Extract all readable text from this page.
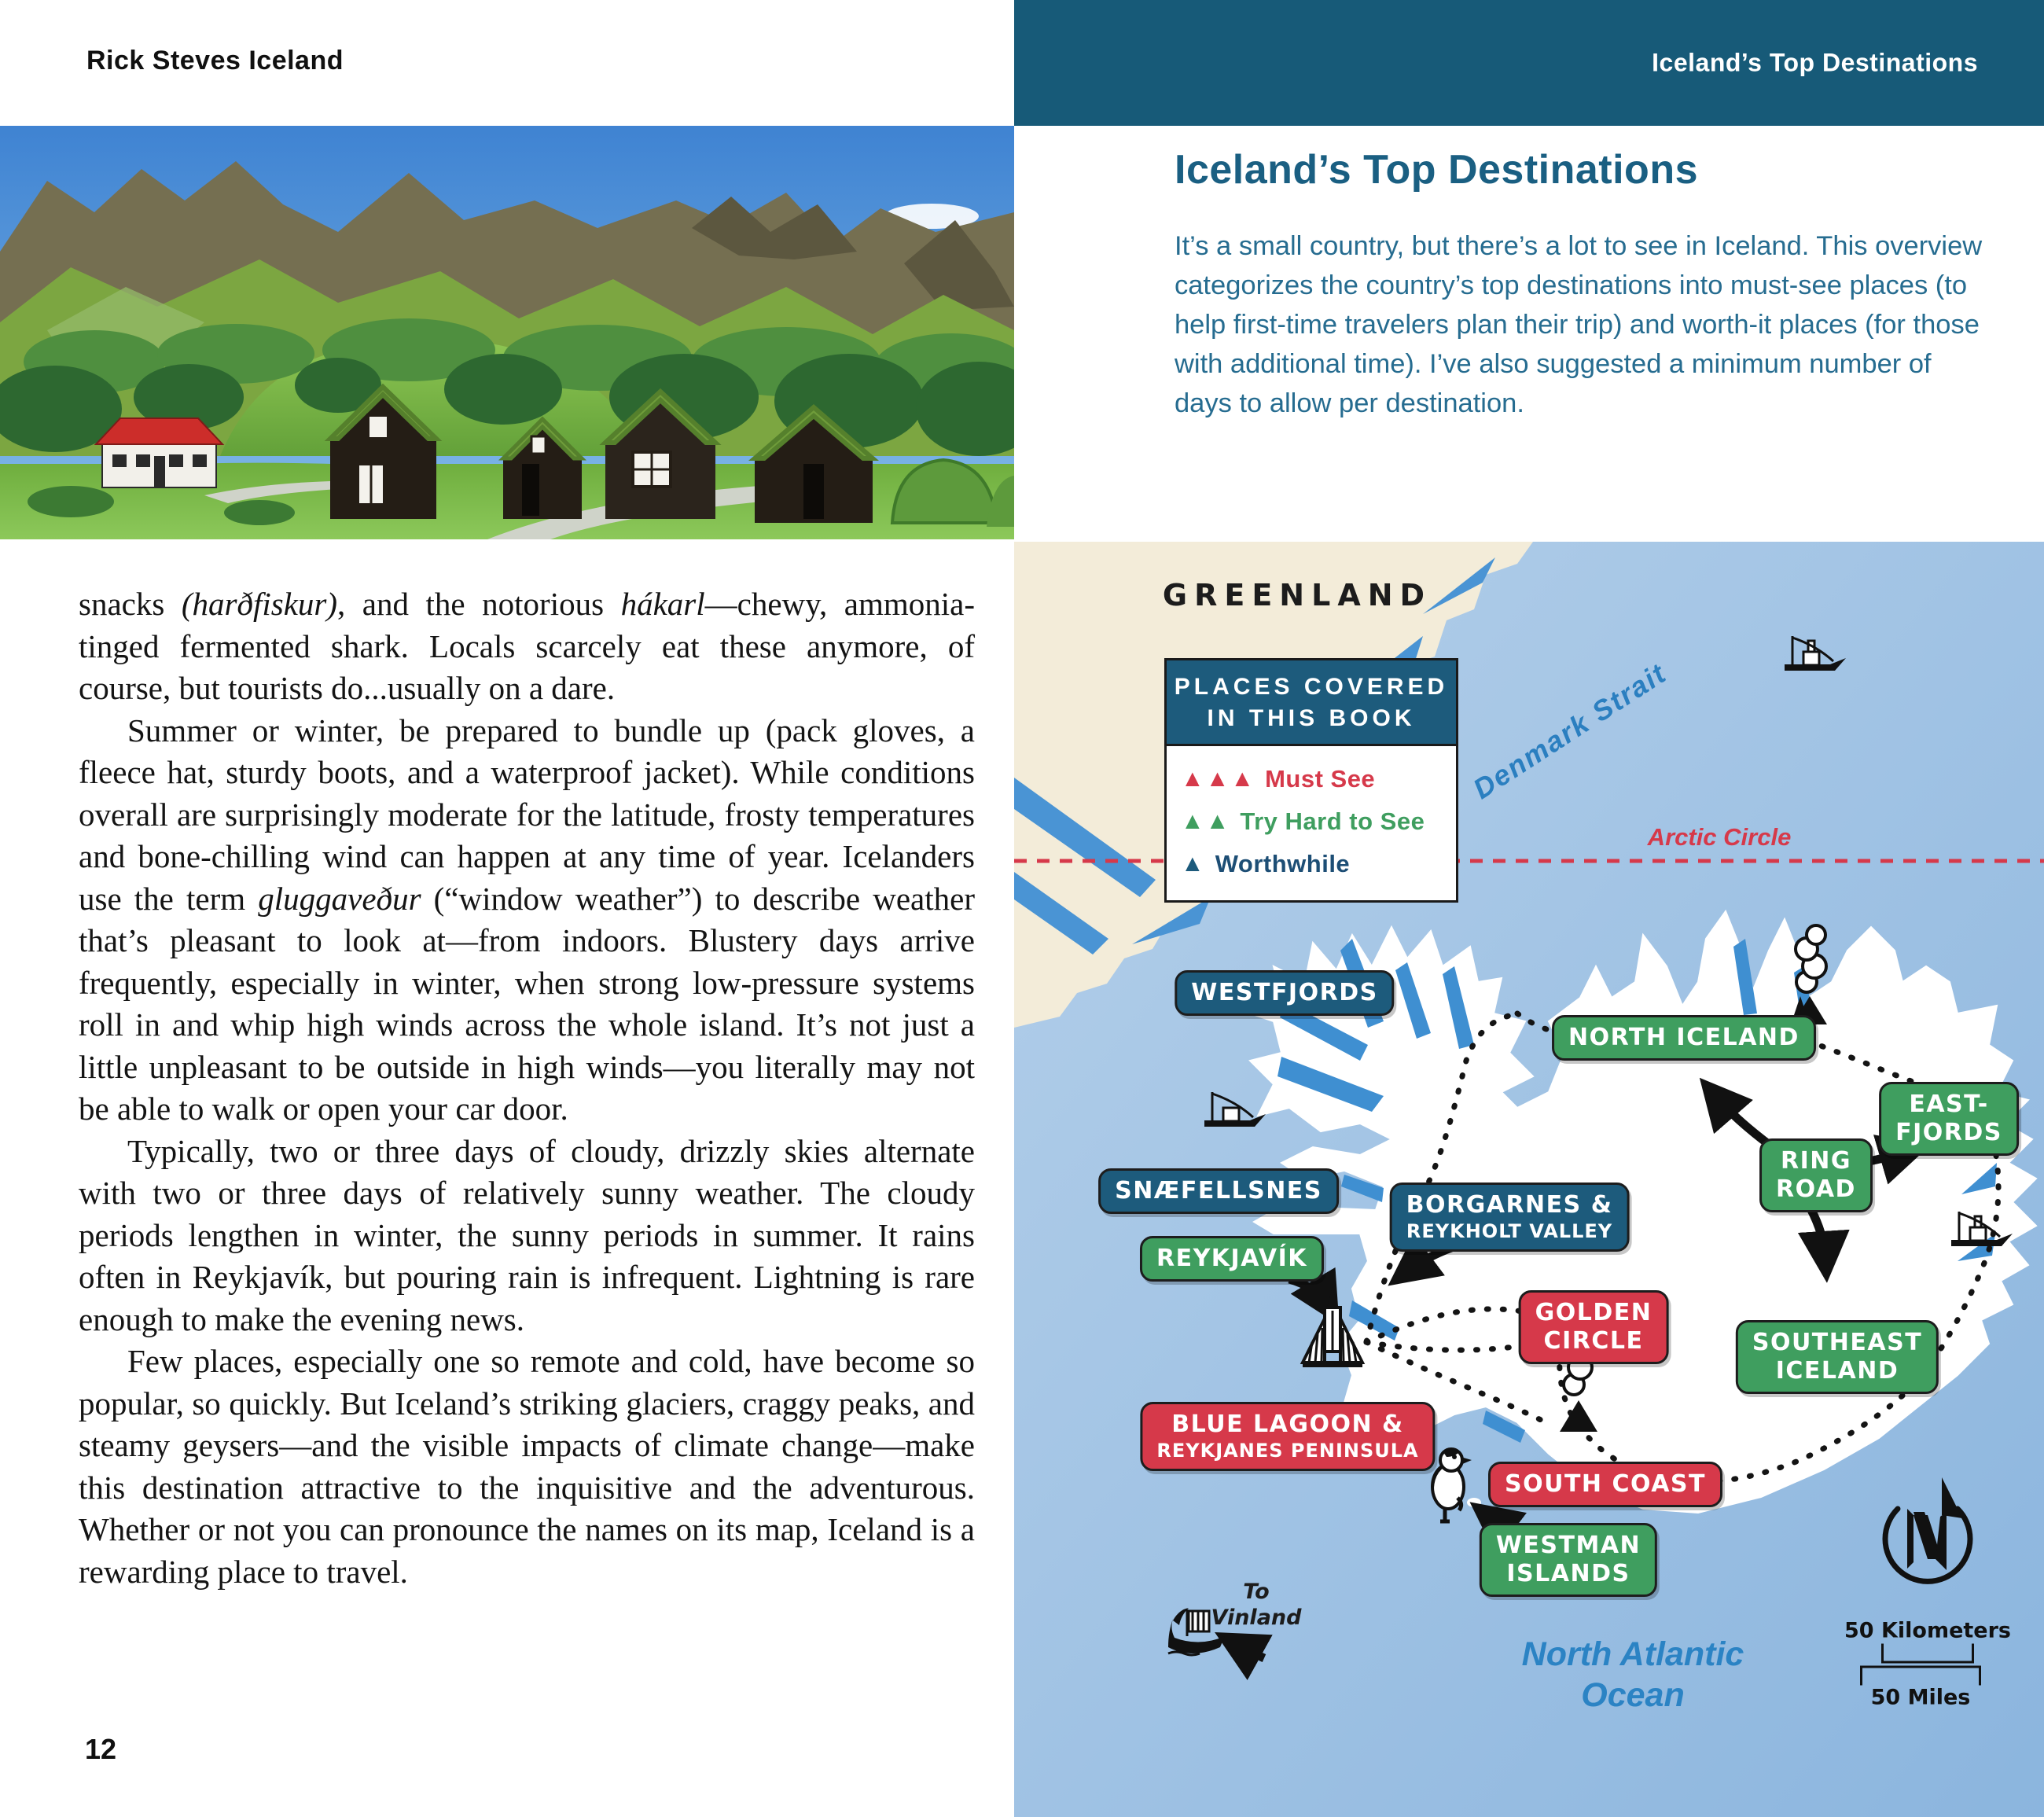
Rick Steves Iceland

snacks (harðfiskur), and the notorious hákarl—chewy, ammonia-tinged fermented shark. Locals scarcely eat these anymore, of course, but tourists do...usually on a dare.

Summer or winter, be prepared to bundle up (pack gloves, a fleece hat, sturdy boots, and a waterproof jacket). While conditions overall are surprisingly moderate for the latitude, frosty temperatures and bone-chilling wind can happen at any time of year. Icelanders use the term gluggaveður (“window weather”) to describe weather that’s pleasant to look at—from indoors. Blustery days arrive frequently, especially in winter, when strong low-pressure systems roll in and whip high winds across the whole island. It’s not just a little unpleasant to be outside in high winds—you literally may not be able to walk or open your car door.

Typically, two or three days of cloudy, drizzly skies alternate with two or three days of relatively sunny weather. The cloudy periods lengthen in winter, the sunny periods in summer. It rains often in Reykjavík, but pouring rain is infrequent. Lightning is rare enough to make the evening news.

Few places, especially one so remote and cold, have become so popular, so quickly. But Iceland’s striking glaciers, craggy peaks, and steamy geysers—and the visible impacts of climate change—make this destination attractive to the inquisitive and the adventurous. Whether or not you can pronounce the names on its map, Iceland is a rewarding place to travel.

12
Iceland’s Top Destinations
Iceland’s Top Destinations

It’s a small country, but there’s a lot to see in Iceland. This overview categorizes the country’s top destinations into must-see places (to help first-time travelers plan their trip) and worth-it places (for those with additional time). I’ve also suggested a minimum number of days to allow per destination.

GREENLAND
Denmark Strait
Arctic Circle
PLACES COVERED
IN THIS BOOK
▲▲▲ Must See
▲▲ Try Hard to See
▲ Worthwhile
WESTFJORDS
NORTH ICELAND
EAST-
FJORDS
RING
ROAD
SNÆFELLSNES
BORGARNES &
REYKHOLT VALLEY
REYKJAVÍK
GOLDEN
CIRCLE	SOUTHEAST
ICELAND
BLUE LAGOON &
REYKJANES PENINSULA
SOUTH COAST
WESTMAN
ISLANDS
To
Vinland
North Atlantic
Ocean
50 Kilometers
50 Miles
